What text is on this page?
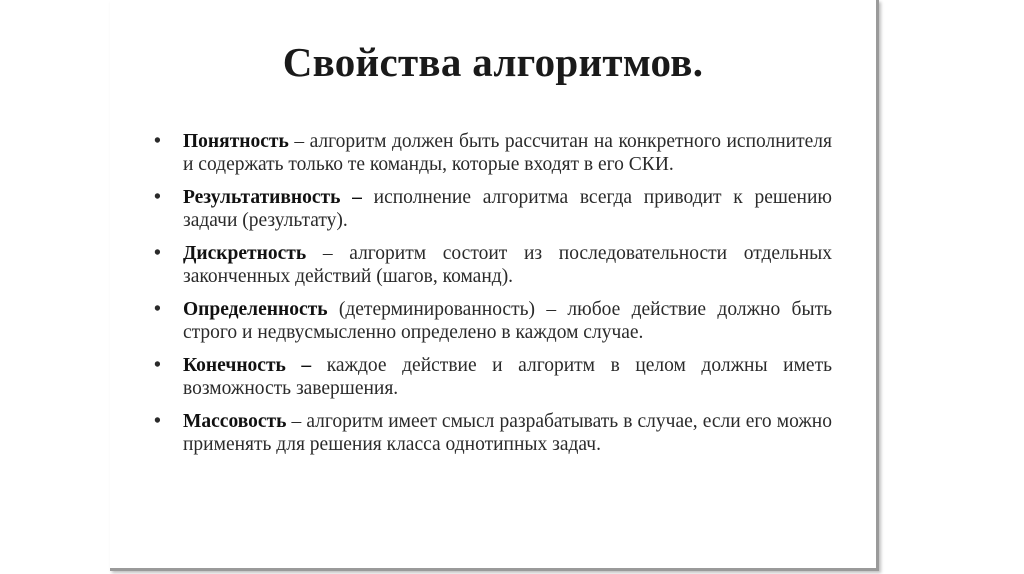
Свойства алгоритмов.
• Понятность – алгоритм должен быть рассчитан на конкретного исполнителя и содержать только те команды, которые входят в его СКИ.
• Результативность – исполнение алгоритма всегда приводит к решению задачи (результату).
• Дискретность – алгоритм состоит из последовательности отдельных законченных действий (шагов, команд).
• Определенность (детерминированность) – любое действие должно быть строго и недвусмысленно определено в каждом случае.
• Конечность – каждое действие и алгоритм в целом должны иметь возможность завершения.
• Массовость – алгоритм имеет смысл разрабатывать в случае, если его можно применять для решения класса однотипных задач.
